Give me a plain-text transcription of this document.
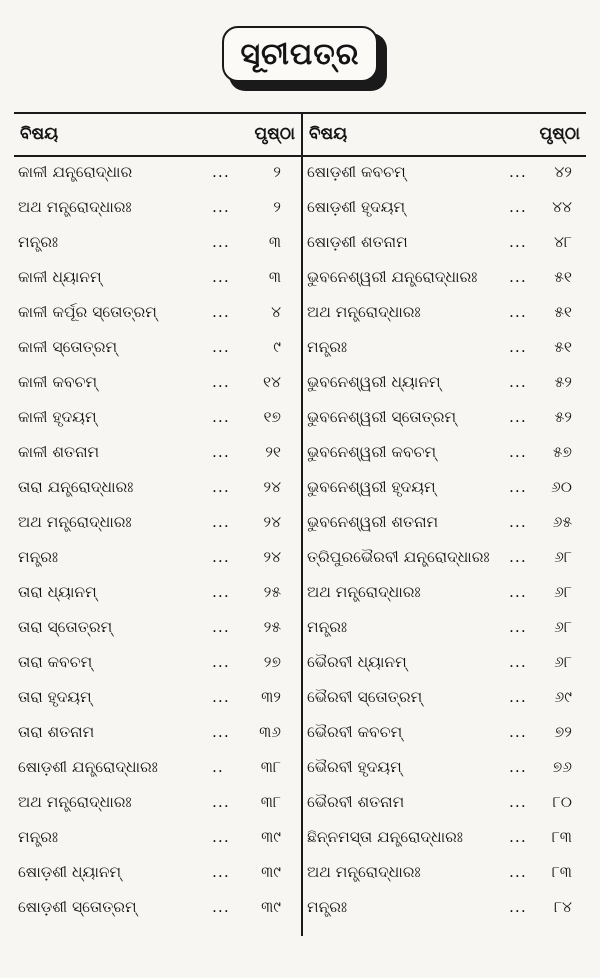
ସୂଚୀପତ୍ର
ବିଷୟ	ପୃଷ୍ଠା
କାଳୀ ଯନ୍ତ୍ରୋଦ୍ଧାର	...	୨
ଅଥ ମନ୍ତ୍ରୋଦ୍ଧାରଃ	...	୨
ମନ୍ତ୍ରଃ	...	୩
କାଳୀ ଧ୍ୟାନମ୍	...	୩
କାଳୀ କର୍ପୂର ସ୍ତୋତ୍ରମ୍	...	୪
କାଳୀ ସ୍ତୋତ୍ରମ୍	...	୯
କାଳୀ କବଚମ୍	... ୧୪
କାଳୀ ହୃଦୟମ୍	... ୧୭
କାଳୀ ଶତନାମ	... ୨୧
ତାରା ଯନ୍ତ୍ରୋଦ୍ଧାରଃ	... ୨୪
ଅଥ ମନ୍ତ୍ରୋଦ୍ଧାରଃ	... ୨୪
ମନ୍ତ୍ରଃ	... ୨୪
ତାରା ଧ୍ୟାନମ୍	... ୨୫
ତାରା ସ୍ତୋତ୍ରମ୍	... ୨୫
ତାରା କବଚମ୍	... ୨୭
ତାରା ହୃଦୟମ୍	... ୩୨
ତାରା ଶତନାମ	... ୩୬
ଷୋଡ଼ଶୀ ଯନ୍ତ୍ରୋଦ୍ଧାରଃ	.. ୩୮
ଅଥ ମନ୍ତ୍ରୋଦ୍ଧାରଃ	... ୩୮
ମନ୍ତ୍ରଃ	... ୩୯
ଷୋଡ଼ଶୀ ଧ୍ୟାନମ୍	... ୩୯
ଷୋଡ଼ଶୀ ସ୍ତୋତ୍ରମ୍	... ୩୯
ବିଷୟ	ପୃଷ୍ଠା
ଷୋଡ଼ଶୀ କବଚମ୍	... ୪୨
ଷୋଡ଼ଶୀ ହୃଦୟମ୍	... ୪୪
ଷୋଡ଼ଶୀ ଶତନାମ	... ୪୮
ଭୁବନେଶ୍ୱରୀ ଯନ୍ତ୍ରୋଦ୍ଧାରଃ ... ୫୧
ଅଥ ମନ୍ତ୍ରୋଦ୍ଧାରଃ	... ୫୧
ମନ୍ତ୍ରଃ	... ୫୧
ଭୁବନେଶ୍ୱରୀ ଧ୍ୟାନମ୍	... ୫୨
ଭୁବନେଶ୍ୱରୀ ସ୍ତୋତ୍ରମ୍	... ୫୨
ଭୁବନେଶ୍ୱରୀ କବଚମ୍	... ୫୭
ଭୁବନେଶ୍ୱରୀ ହୃଦୟମ୍	... ୬୦
ଭୁବନେଶ୍ୱରୀ ଶତନାମ	... ୬୫
ତ୍ରିପୁରଭୈରବୀ ଯନ୍ତ୍ରୋଦ୍ଧାରଃ ... ୬୮
ଅଥ ମନ୍ତ୍ରୋଦ୍ଧାରଃ	... ୬୮
ମନ୍ତ୍ରଃ	... ୬୮
ଭୈରବୀ ଧ୍ୟାନମ୍	... ୬୮
ଭୈରବୀ ସ୍ତୋତ୍ରମ୍	... ୬୯
ଭୈରବୀ କବଚମ୍	... ୭୨
ଭୈରବୀ ହୃଦୟମ୍	... ୭୬
ଭୈରବୀ ଶତନାମ	... ୮୦
ଛିନ୍ନମସ୍ତା ଯନ୍ତ୍ରୋଦ୍ଧାରଃ	... ୮୩
ଅଥ ମନ୍ତ୍ରୋଦ୍ଧାରଃ	... ୮୩
ମନ୍ତ୍ରଃ	... ୮୪
